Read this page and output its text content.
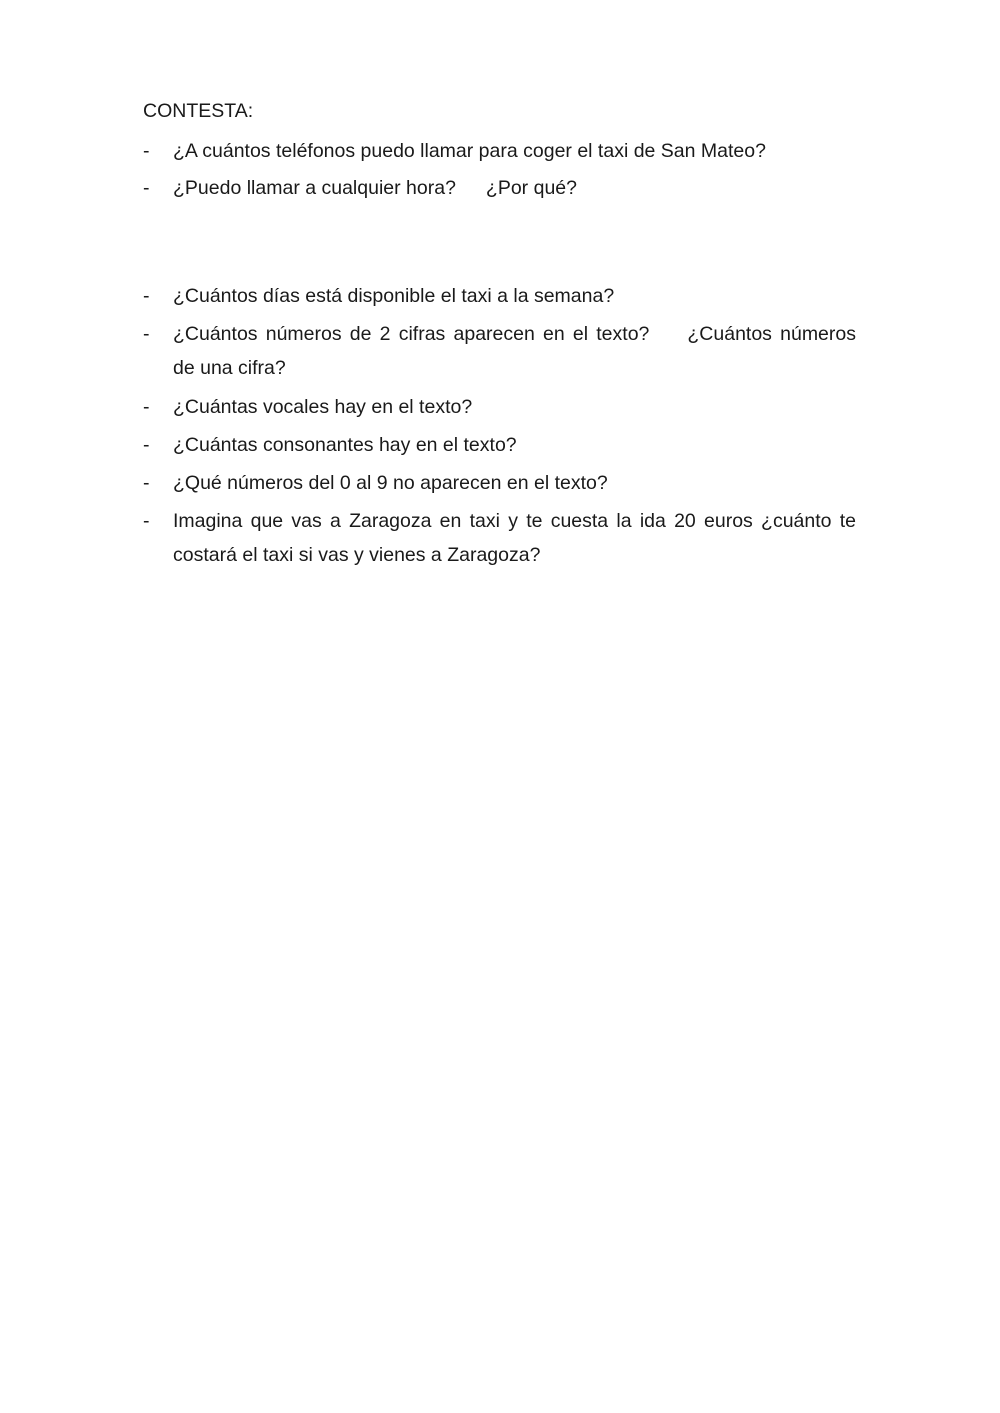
CONTESTA:

- ¿A cuántos teléfonos puedo llamar para coger el taxi de San Mateo?
- ¿Puedo llamar a cualquier hora? ¿Por qué?
- ¿Cuántos días está disponible el taxi a la semana?
- ¿Cuántos números de 2 cifras aparecen en el texto? ¿Cuántos números de una cifra?
- ¿Cuántas vocales hay en el texto?
- ¿Cuántas consonantes hay en el texto?
- ¿Qué números del 0 al 9 no aparecen en el texto?
- Imagina que vas a Zaragoza en taxi y te cuesta la ida 20 euros ¿cuánto te costará el taxi si vas y vienes a Zaragoza?
